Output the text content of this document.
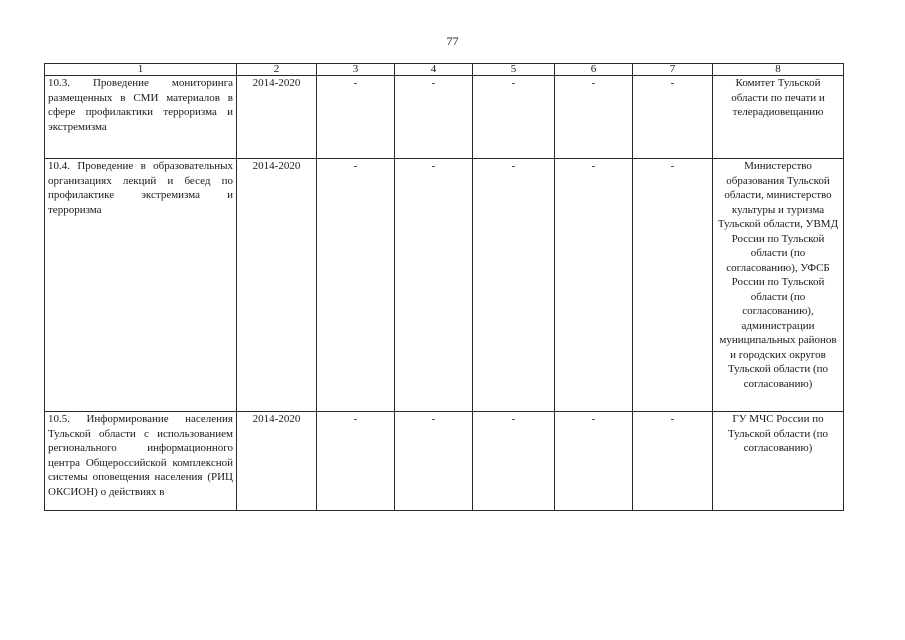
77
1	2	3	4	5	6	7	8
10.3. Проведение мониторинга размещенных в СМИ материалов в сфере профилактики терроризма и экстремизма	2014-2020	-	-	-	-	-	Комитет Тульской области по печати и телерадиовещанию
10.4. Проведение в образовательных организациях лекций и бесед по профилактике экстремизма и терроризма	2014-2020	-	-	-	-	-	Министерство образования Тульской области, министерство культуры и туризма Тульской области, УВМД России по Тульской области (по согласованию), УФСБ России по Тульской области (по согласованию), администрации муниципальных районов и городских округов Тульской области (по согласованию)

10.5. Информирование населения Тульской области с использованием регионального информационного центра Общероссийской комплексной системы оповещения населения (РИЦ ОКСИОН) о действиях в	2014-2020	-	-	-	-	-	ГУ МЧС России по Тульской области (по согласованию)
